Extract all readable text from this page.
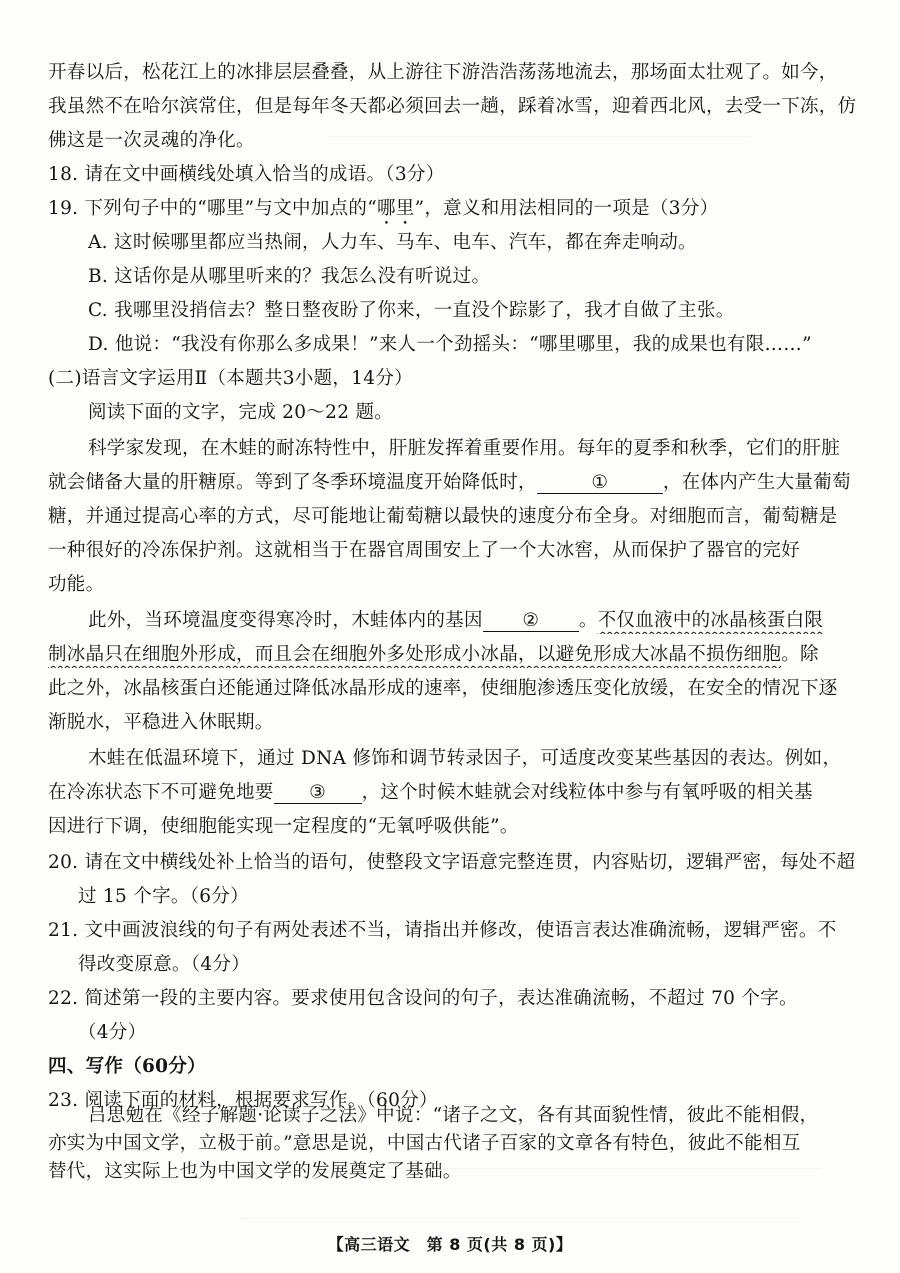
开春以后，松花江上的冰排层层叠叠，从上游往下游浩浩荡荡地流去，那场面太壮观了。如今，
我虽然不在哈尔滨常住，但是每年冬天都必须回去一趟，踩着冰雪，迎着西北风，去受一下冻，仿
佛这是一次灵魂的净化。
18. 请在文中画横线处填入恰当的成语。（3分）
19. 下列句子中的“哪里”与文中加点的“哪里”，意义和用法相同的一项是（3分）
A. 这时候哪里都应当热闹，人力车、马车、电车、汽车，都在奔走响动。
B. 这话你是从哪里听来的？我怎么没有听说过。
C. 我哪里没捎信去？整日整夜盼了你来，一直没个踪影了，我才自做了主张。
D. 他说：“我没有你那么多成果！”来人一个劲摇头：“哪里哪里，我的成果也有限……”
(二)语言文字运用Ⅱ（本题共3小题，14分）
阅读下面的文字，完成 20～22 题。
科学家发现，在木蛙的耐冻特性中，肝脏发挥着重要作用。每年的夏季和秋季，它们的肝脏
就会储备大量的肝糖原。等到了冬季环境温度开始降低时，	①	，在体内产生大量葡萄
糖，并通过提高心率的方式，尽可能地让葡萄糖以最快的速度分布全身。对细胞而言，葡萄糖是
一种很好的冷冻保护剂。这就相当于在器官周围安上了一个大冰窖，从而保护了器官的完好
功能。
此外，当环境温度变得寒冷时，木蛙体内的基因 ② 。不仅血液中的冰晶核蛋白限
制冰晶只在细胞外形成，而且会在细胞外多处形成小冰晶，以避免形成大冰晶不损伤细胞。除
此之外，冰晶核蛋白还能通过降低冰晶形成的速率，使细胞渗透压变化放缓，在安全的情况下逐
渐脱水，平稳进入休眠期。
木蛙在低温环境下，通过 DNA 修饰和调节转录因子，可适度改变某些基因的表达。例如，
在冷冻状态下不可避免地要 ③ ，这个时候木蛙就会对线粒体中参与有氧呼吸的相关基
因进行下调，使细胞能实现一定程度的“无氧呼吸供能”。
20. 请在文中横线处补上恰当的语句，使整段文字语意完整连贯，内容贴切，逻辑严密，每处不超
过 15 个字。（6分）
21. 文中画波浪线的句子有两处表述不当，请指出并修改，使语言表达准确流畅，逻辑严密。不
得改变原意。（4分）
22. 简述第一段的主要内容。要求使用包含设问的句子，表达准确流畅，不超过 70 个字。
（4分）
四、写作（60分）
23. 阅读下面的材料，根据要求写作。（60分）
吕思勉在《经子解题·论读子之法》中说：“诸子之文，各有其面貌性情，彼此不能相假，
亦实为中国文学，立极于前。”意思是说，中国古代诸子百家的文章各有特色，彼此不能相互
替代，这实际上也为中国文学的发展奠定了基础。
【高三语文　第 8 页(共 8 页)】
